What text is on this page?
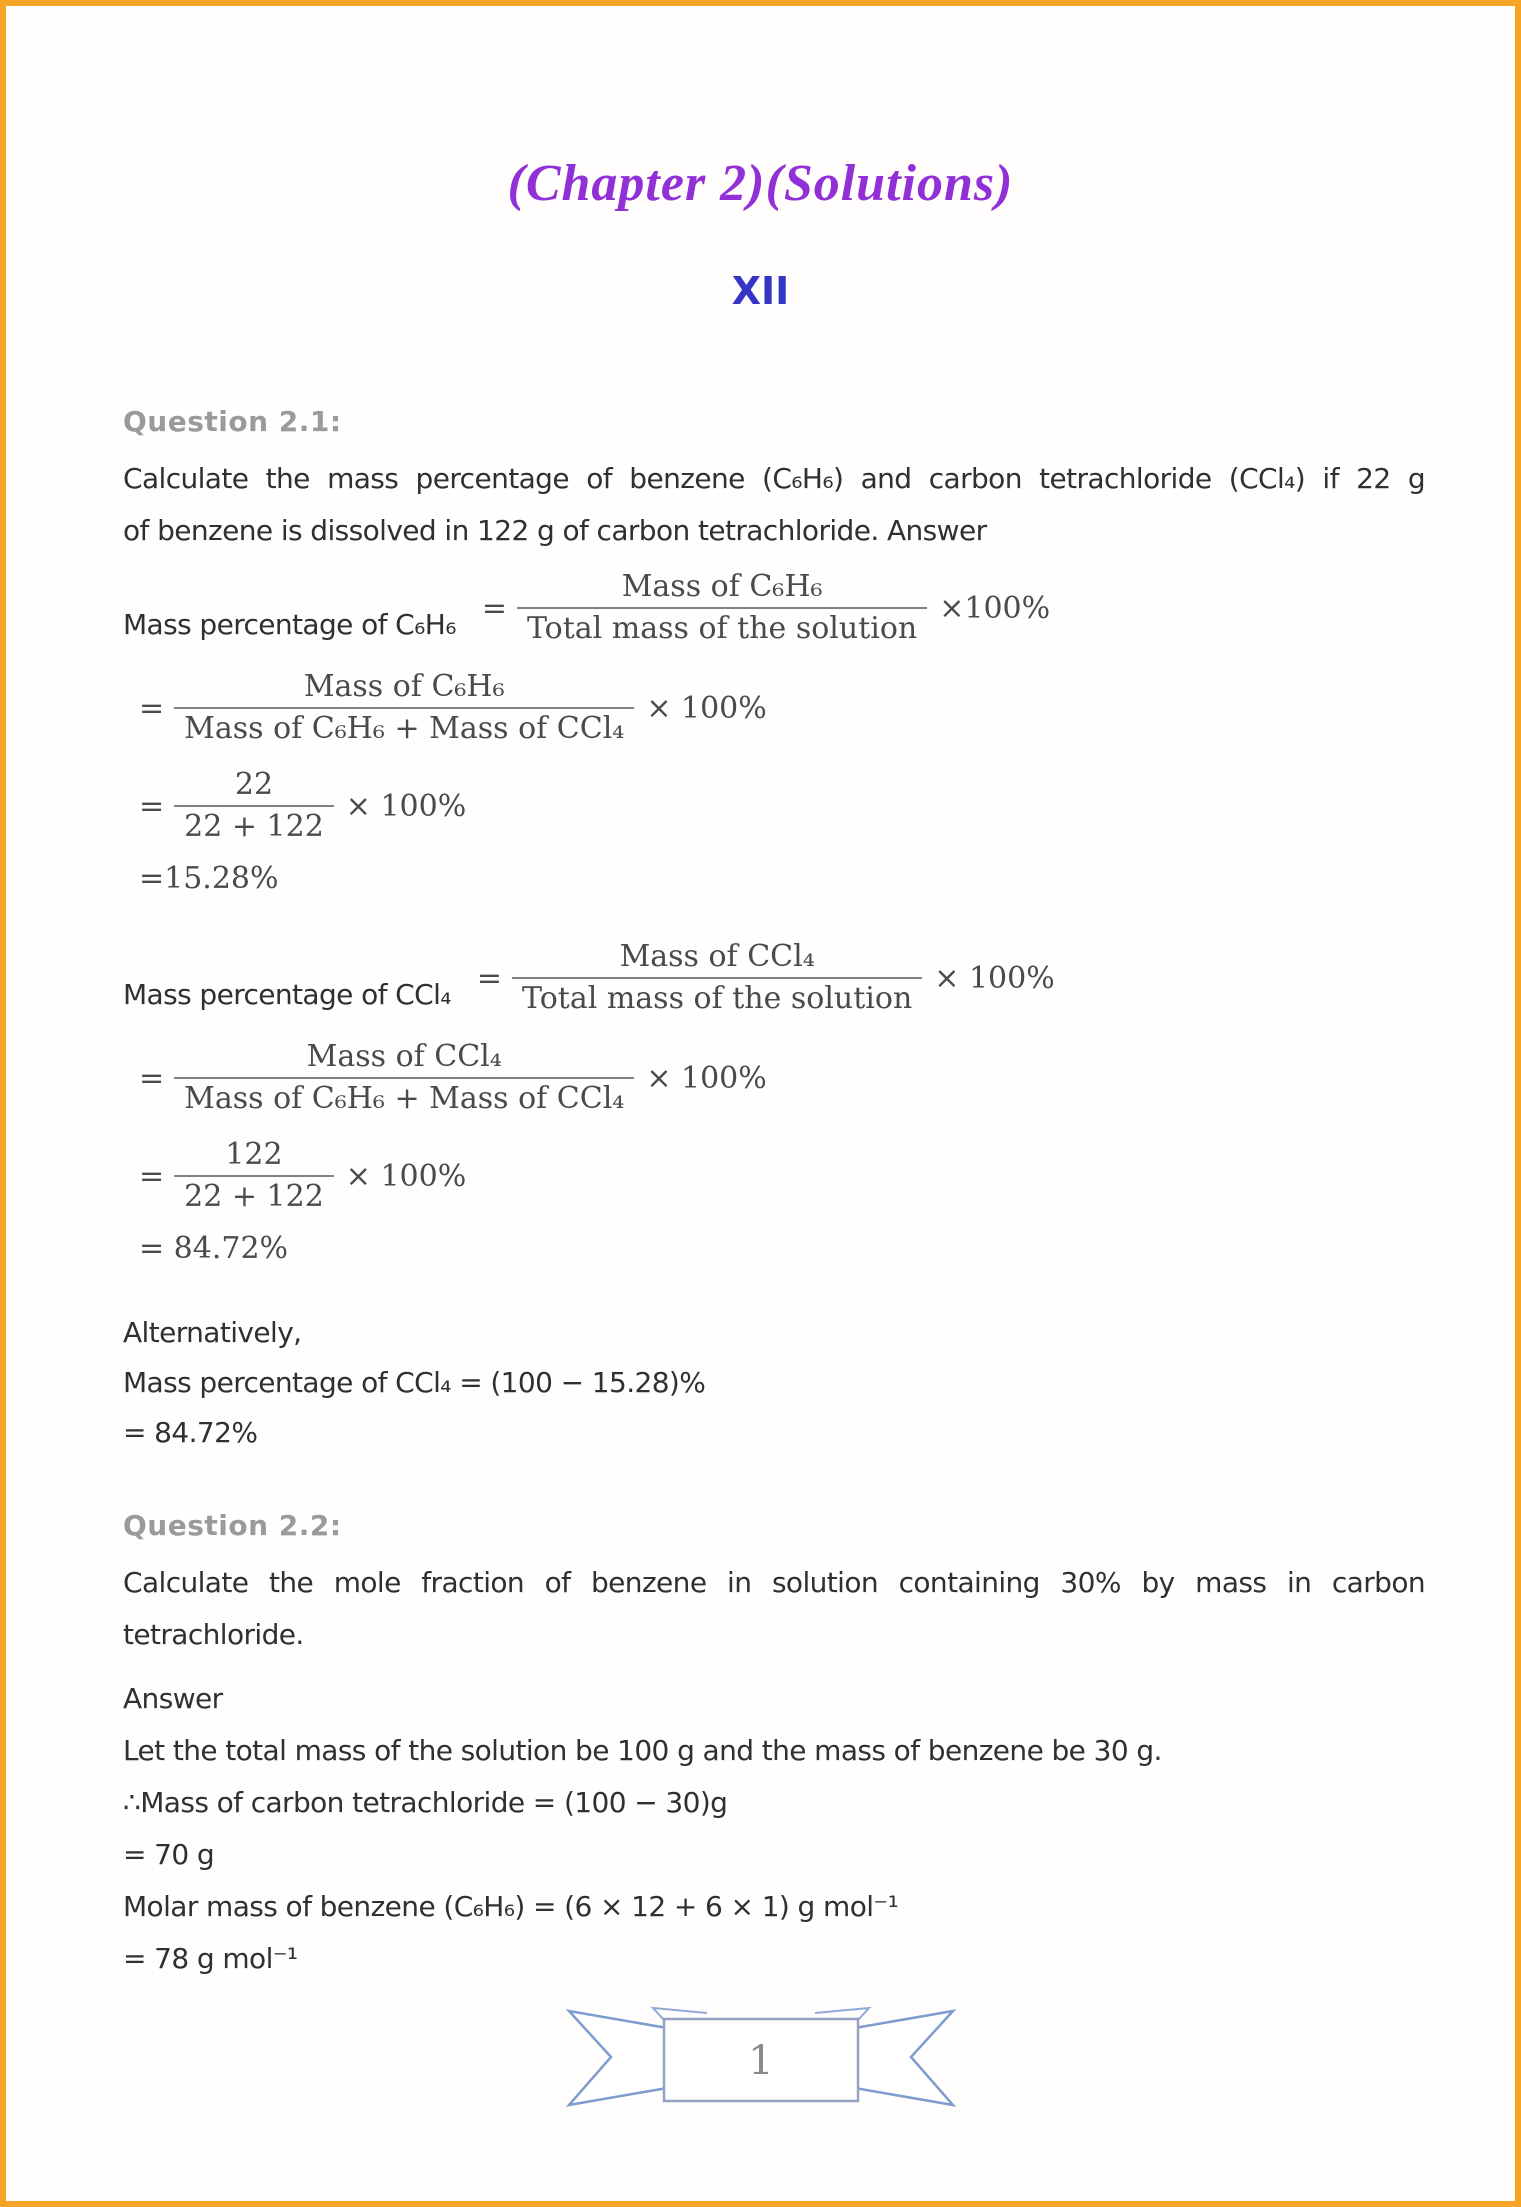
(Chapter 2)(Solutions)
XII
Question 2.1:
Calculate the mass percentage of benzene (C₆H₆) and carbon tetrachloride (CCl₄) if 22 g
of benzene is dissolved in 122 g of carbon tetrachloride. Answer
Mass percentage of $C_6H_6 = \frac{\text{Mass of C₆H₆}}{\text{Total mass of the solution}} \times 100\%$
= $\frac{\text{Mass of C₆H₆}}{\text{Mass of C₆H₆ + Mass of CCl₄}} \times 100\%$
= $\frac{22}{22 + 122} \times 100\%$
=15.28%
Mass percentage of $CCl_4 = \frac{\text{Mass of CCl₄}}{\text{Total mass of the solution}} \times 100\%$
= $\frac{\text{Mass of CCl₄}}{\text{Mass of C₆H₆ + Mass of CCl₄}} \times 100\%$
= $\frac{122}{22 + 122} \times 100\%$
= 84.72%
Alternatively,
Mass percentage of CCl₄ = (100 − 15.28)%
= 84.72%
Question 2.2:
Calculate the mole fraction of benzene in solution containing 30% by mass in carbon
tetrachloride.
Answer
Let the total mass of the solution be 100 g and the mass of benzene be 30 g.
∴Mass of carbon tetrachloride = (100 − 30)g
= 70 g
Molar mass of benzene (C₆H₆) = (6 × 12 + 6 × 1) g mol⁻¹
= 78 g mol⁻¹
1
